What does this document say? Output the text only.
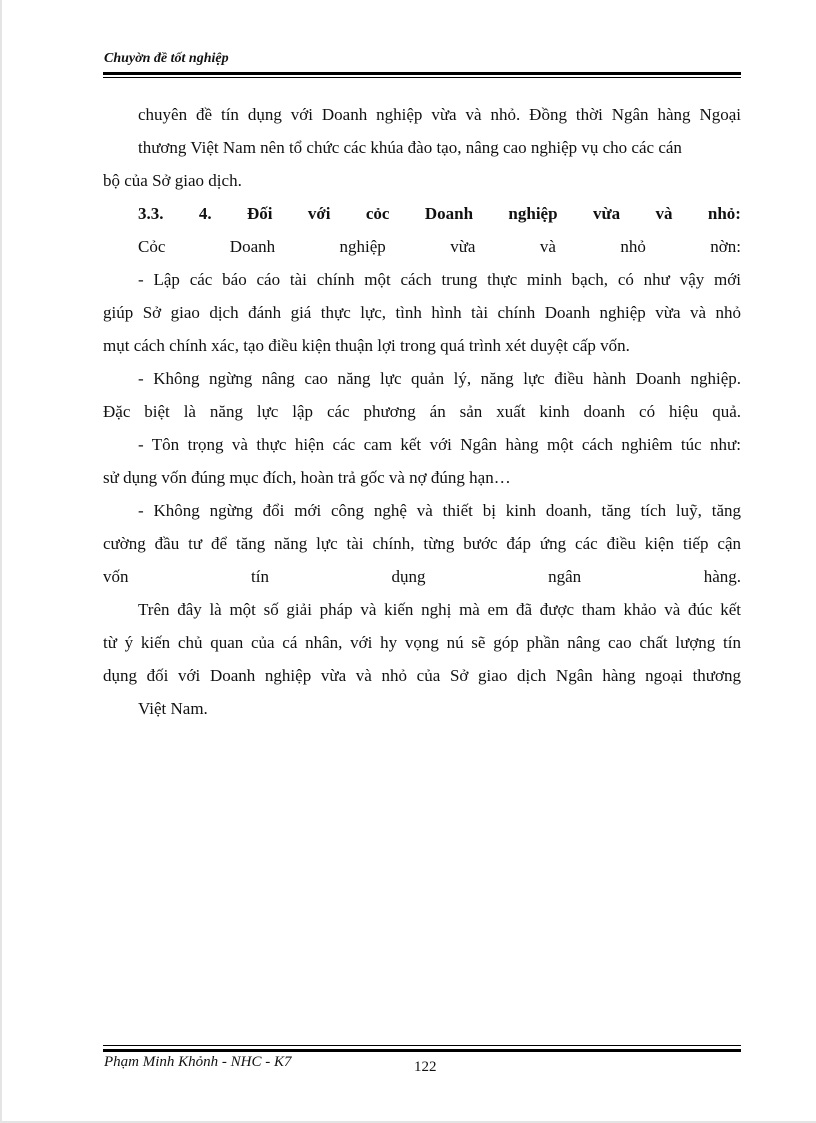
Chuyờn đề tốt nghiệp
chuyên đề tín dụng với Doanh nghiệp vừa và nhỏ. Đồng thời Ngân hàng Ngoại
thương Việt Nam nên tổ chức các khúa đào tạo, nâng cao nghiệp vụ cho các cán
bộ của Sở giao dịch.
3.3. 4. Đối với cỏc Doanh nghiệp vừa và nhỏ:
Cỏc	Doanh	nghiệp	vừa	và	nhỏ	nờn:
- Lập các báo cáo tài chính một cách trung thực minh bạch, có như vậy mới
giúp Sở giao dịch đánh giá thực lực, tình hình tài chính Doanh nghiệp vừa và nhỏ
mụt cách chính xác, tạo điều kiện thuận lợi trong quá trình xét duyệt cấp vốn.
- Không ngừng nâng cao năng lực quản lý, năng lực điều hành Doanh nghiệp.
Đặc biệt là năng lực lập các phương án sản xuất kinh doanh có hiệu quả.
- Tôn trọng và thực hiện các cam kết với Ngân hàng một cách nghiêm túc như:
sử dụng vốn đúng mục đích, hoàn trả gốc và nợ đúng hạn…
- Không ngừng đổi mới công nghệ và thiết bị kinh doanh, tăng tích luỹ, tăng
cường đầu tư để tăng năng lực tài chính, từng bước đáp ứng các điều kiện tiếp cận
vốn	tín	dụng	ngân	hàng.
Trên đây là một số giải pháp và kiến nghị mà em đã được tham khảo và đúc kết
từ ý kiến chủ quan của cá nhân, với hy vọng nú sẽ góp phần nâng cao chất lượng tín
dụng đối với Doanh nghiệp vừa và nhỏ của Sở giao dịch Ngân hàng ngoại thương
Việt Nam.
Phạm Minh Khỏnh - NHC - K7	122
